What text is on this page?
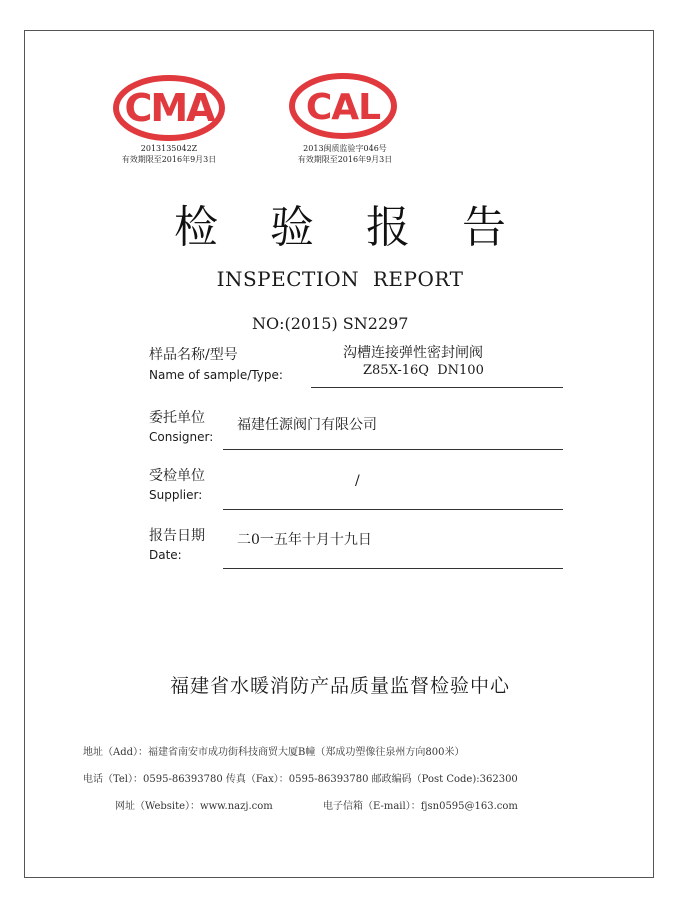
CMA
2013135042Z
有效期限至2016年9月3日
CAL
2013闽质监验字046号
有效期限至2016年9月3日
检验报告
INSPECTION  REPORT
NO:(2015) SN2297
样品名称/型号
Name of sample/Type:
沟槽连接弹性密封闸阀
Z85X-16Q  DN100
委托单位
Consigner:
福建任源阀门有限公司
受检单位
Supplier:
/
报告日期
Date:
二0一五年十月十九日
福建省水暖消防产品质量监督检验中心
地址（Add）：福建省南安市成功街科技商贸大厦B幢（郑成功塑像往泉州方向800米）
电话（Tel）：0595-86393780 传真（Fax）：0595-86393780 邮政编码（Post Code):362300
网址（Website）：www.nazj.com	电子信箱（E-mail）：fjsn0595@163.com
